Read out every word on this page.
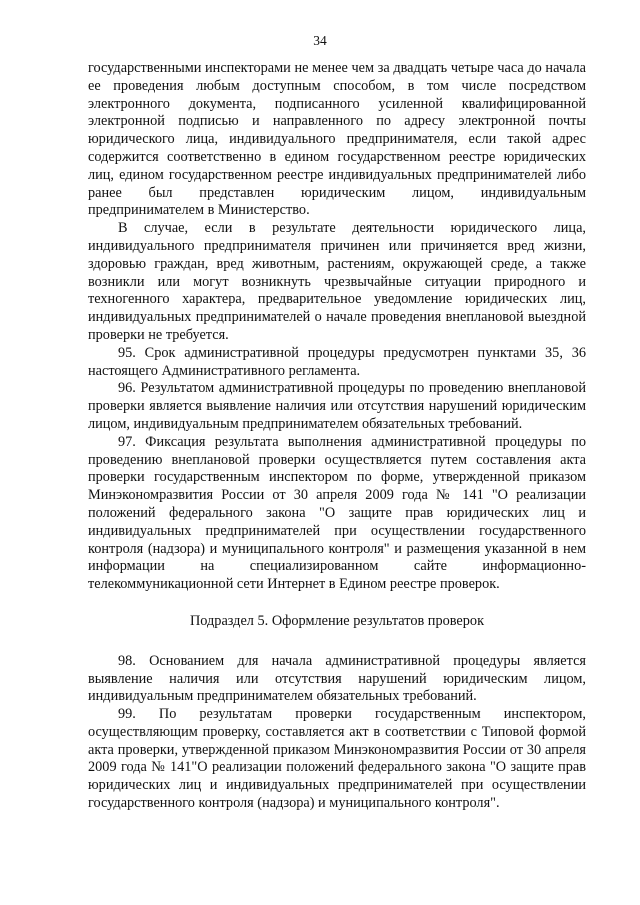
34

государственными инспекторами не менее чем за двадцать четыре часа до начала ее проведения любым доступным способом, в том числе посредством электронного документа, подписанного усиленной квалифицированной электронной подписью и направленного по адресу электронной почты юридического лица, индивидуального предпринимателя, если такой адрес содержится соответственно в едином государственном реестре юридических лиц, едином государственном реестре индивидуальных предпринимателей либо ранее был представлен юридическим лицом, индивидуальным предпринимателем в Министерство.

В случае, если в результате деятельности юридического лица, индивидуального предпринимателя причинен или причиняется вред жизни, здоровью граждан, вред животным, растениям, окружающей среде, а также возникли или могут возникнуть чрезвычайные ситуации природного и техногенного характера, предварительное уведомление юридических лиц, индивидуальных предпринимателей о начале проведения внеплановой выездной проверки не требуется.

95. Срок административной процедуры предусмотрен пунктами 35, 36 настоящего Административного регламента.

96. Результатом административной процедуры по проведению внеплановой проверки является выявление наличия или отсутствия нарушений юридическим лицом, индивидуальным предпринимателем обязательных требований.

97. Фиксация результата выполнения административной процедуры по проведению внеплановой проверки осуществляется путем составления акта проверки государственным инспектором по форме, утвержденной приказом Минэкономразвития России от 30 апреля 2009 года № 141 "О реализации положений федерального закона "О защите прав юридических лиц и индивидуальных предпринимателей при осуществлении государственного контроля (надзора) и муниципального контроля" и размещения указанной в нем информации на специализированном сайте информационно-телекоммуникационной сети Интернет в Едином реестре проверок.

Подраздел 5. Оформление результатов проверок

98. Основанием для начала административной процедуры является выявление наличия или отсутствия нарушений юридическим лицом, индивидуальным предпринимателем обязательных требований.

99. По результатам проверки государственным инспектором, осуществляющим проверку, составляется акт в соответствии с Типовой формой акта проверки, утвержденной приказом Минэкономразвития России от 30 апреля 2009 года № 141"О реализации положений федерального закона "О защите прав юридических лиц и индивидуальных предпринимателей при осуществлении государственного контроля (надзора) и муниципального контроля".
